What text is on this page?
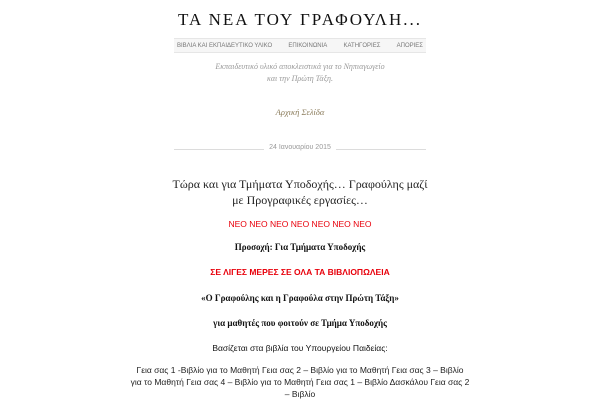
ΤΑ ΝΕΑ ΤΟΥ ΓΡΑΦΟΥΛΗ...
ΒΙΒΛΙΑ ΚΑΙ ΕΚΠΑΙΔΕΥΤΙΚΟ ΥΛΙΚΟ	ΕΠΙΚΟΙΝΩΝΙΑ	ΚΑΤΗΓΟΡΙΕΣ	ΑΠΟΡΙΕΣ
Εκπαιδευτικό υλικό αποκλειστικά για το Νηπιαγωγείο και την Πρώτη Τάξη.
Αρχική Σελίδα
24 Ιανουαρίου 2015
Τώρα και για Τμήματα Υποδοχής… Γραφούλης μαζί με Προγραφικές εργασίες…
ΝΕΟ ΝΕΟ ΝΕΟ ΝΕΟ ΝΕΟ ΝΕΟ ΝΕΟ
Προσοχή: Για Τμήματα Υποδοχής
ΣΕ ΛΙΓΕΣ ΜΕΡΕΣ ΣΕ ΟΛΑ ΤΑ ΒΙΒΛΙΟΠΩΛΕΙΑ
«Ο Γραφούλης και η Γραφούλα στην Πρώτη Τάξη»
για μαθητές που φοιτούν σε Τμήμα Υποδοχής
Βασίζεται στα βιβλία του Υπουργείου Παιδείας:
Γεια σας 1 -Βιβλίο για το Μαθητή Γεια σας 2 – Βιβλίο για το Μαθητή Γεια σας 3 – Βιβλίο για το Μαθητή Γεια σας 4 – Βιβλίο για το Μαθητή Γεια σας 1 – Βιβλίο Δασκάλου Γεια σας 2 – Βιβλίο
